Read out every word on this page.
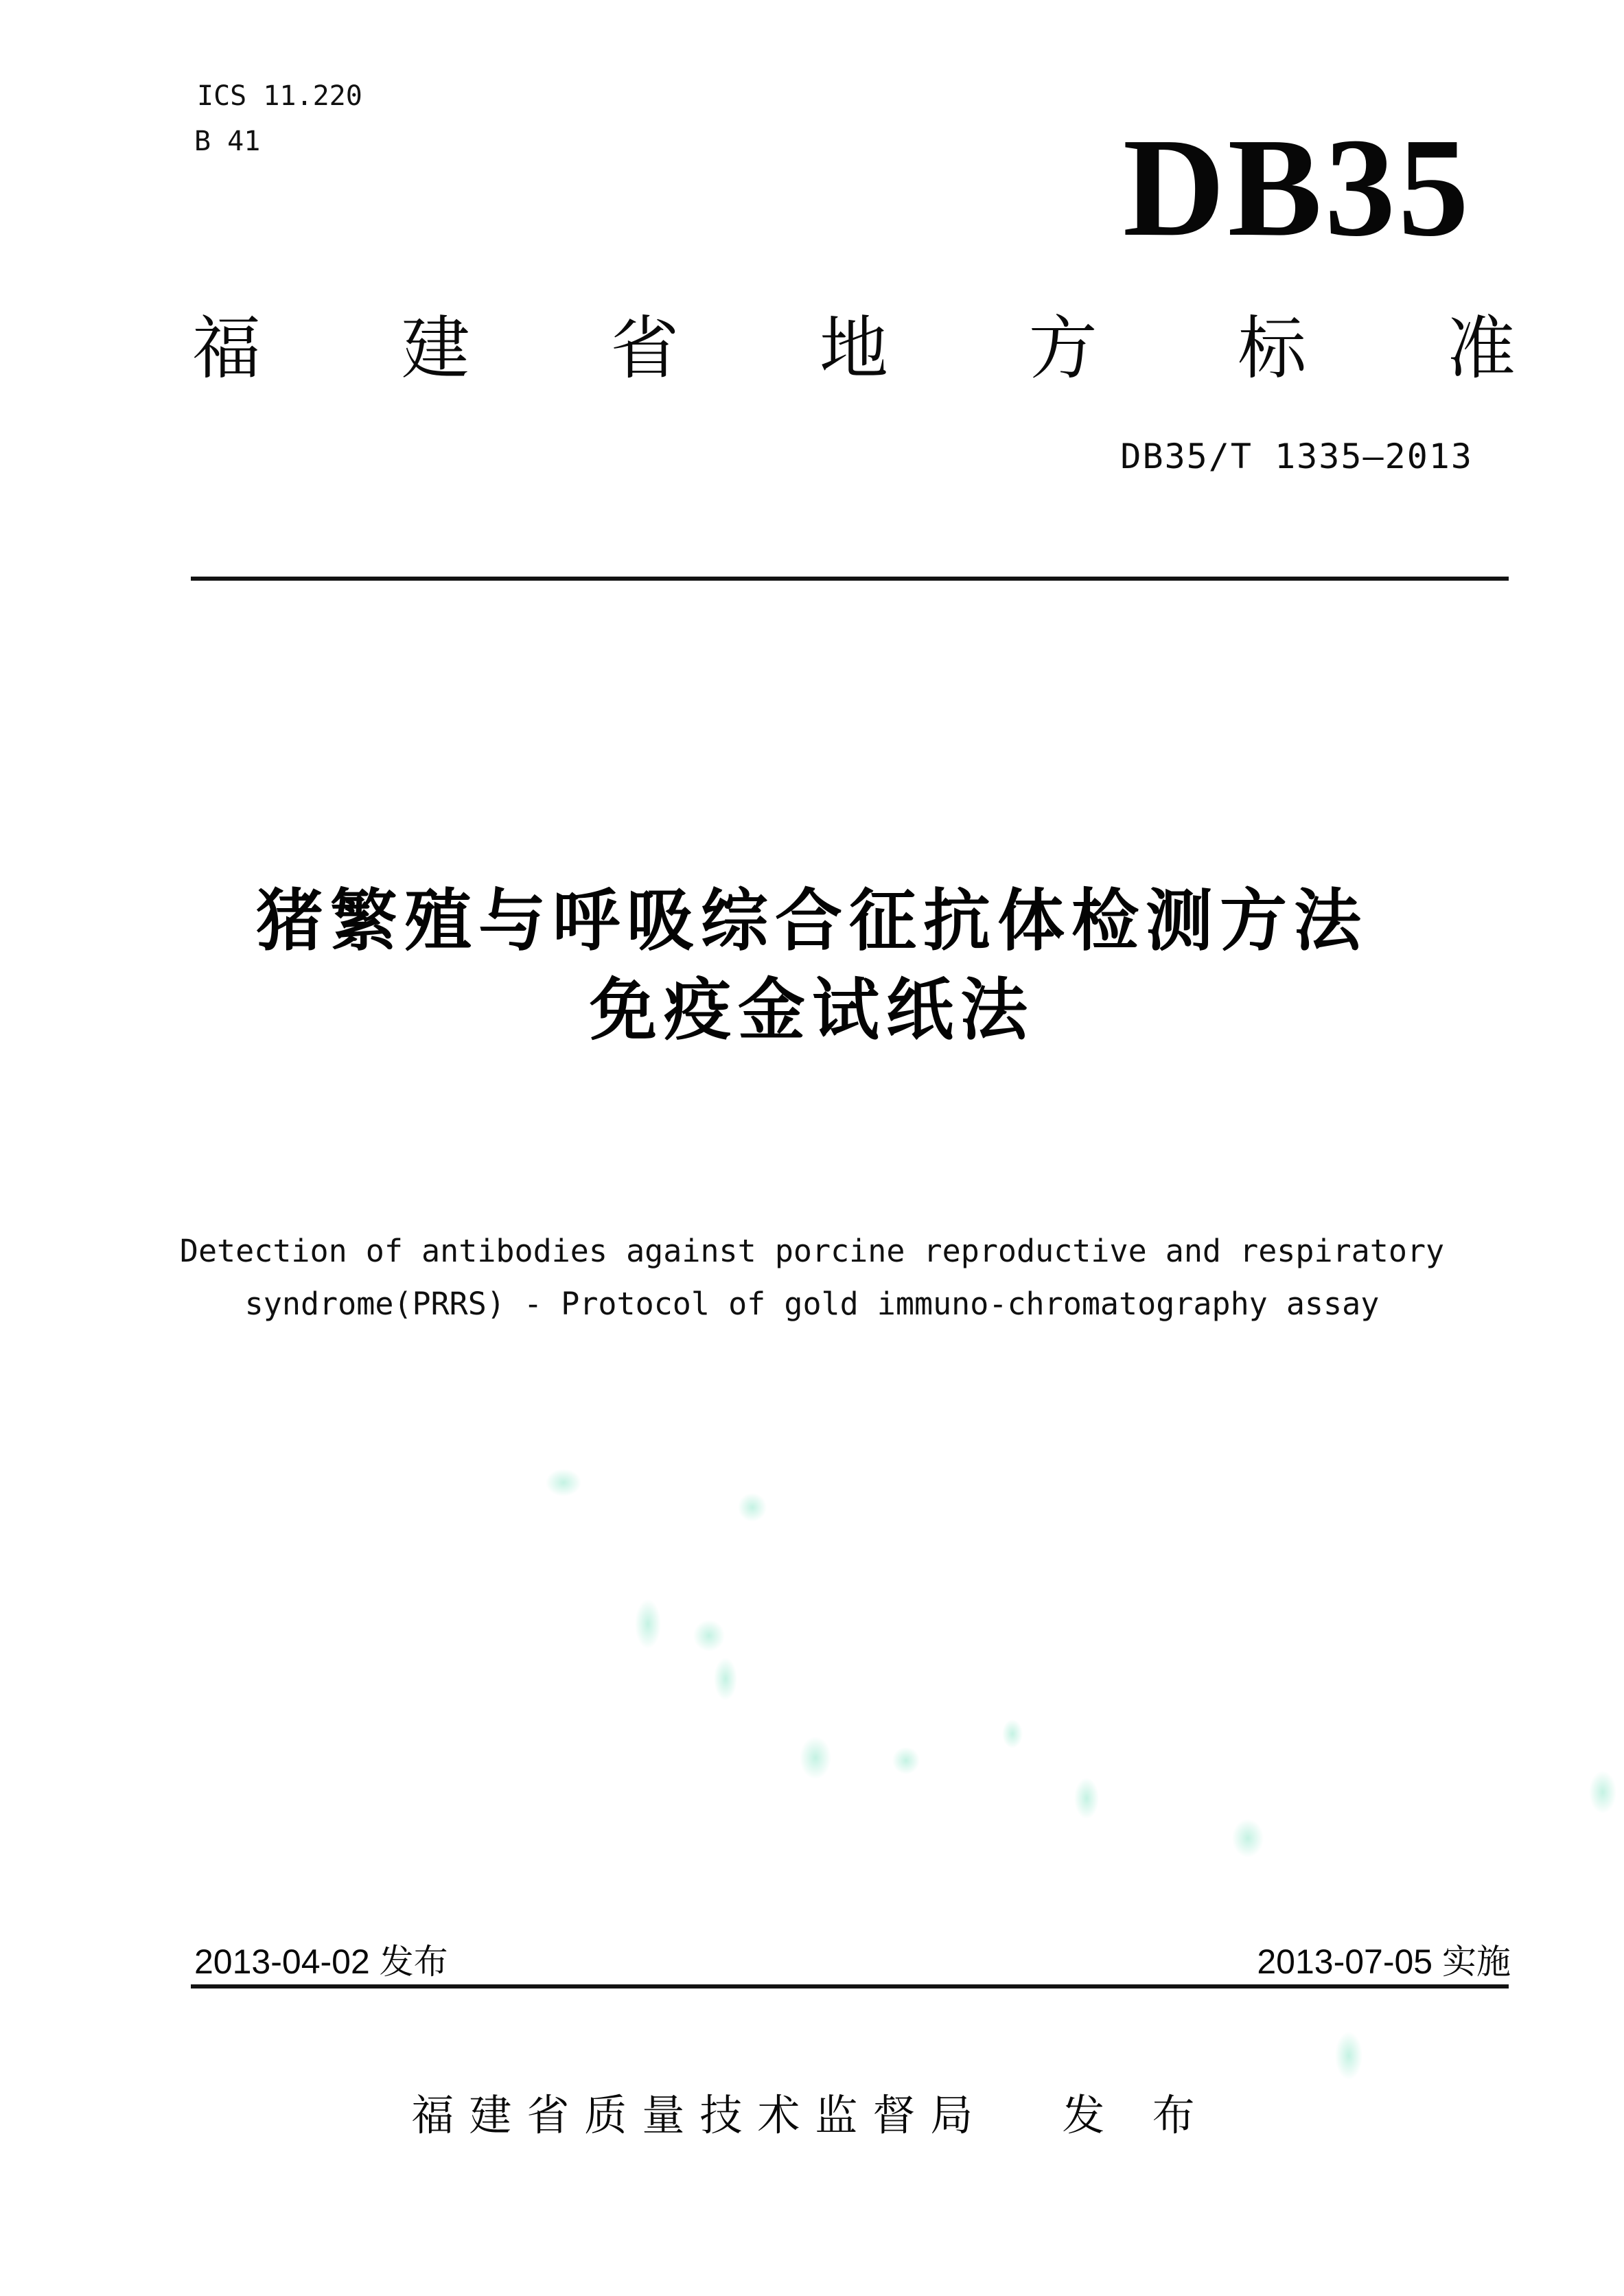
ICS 11.220
B 41	DB35
福 建 省 地 方 标 准
DB35/T 1335—2013
猪繁殖与呼吸综合征抗体检测方法
免疫金试纸法
Detection of antibodies against porcine reproductive and respiratory
syndrome(PRRS) - Protocol of gold immuno-chromatography assay
2013-04-02 发布	2013-07-05 实施
福建省质量技术监督局 发 布
